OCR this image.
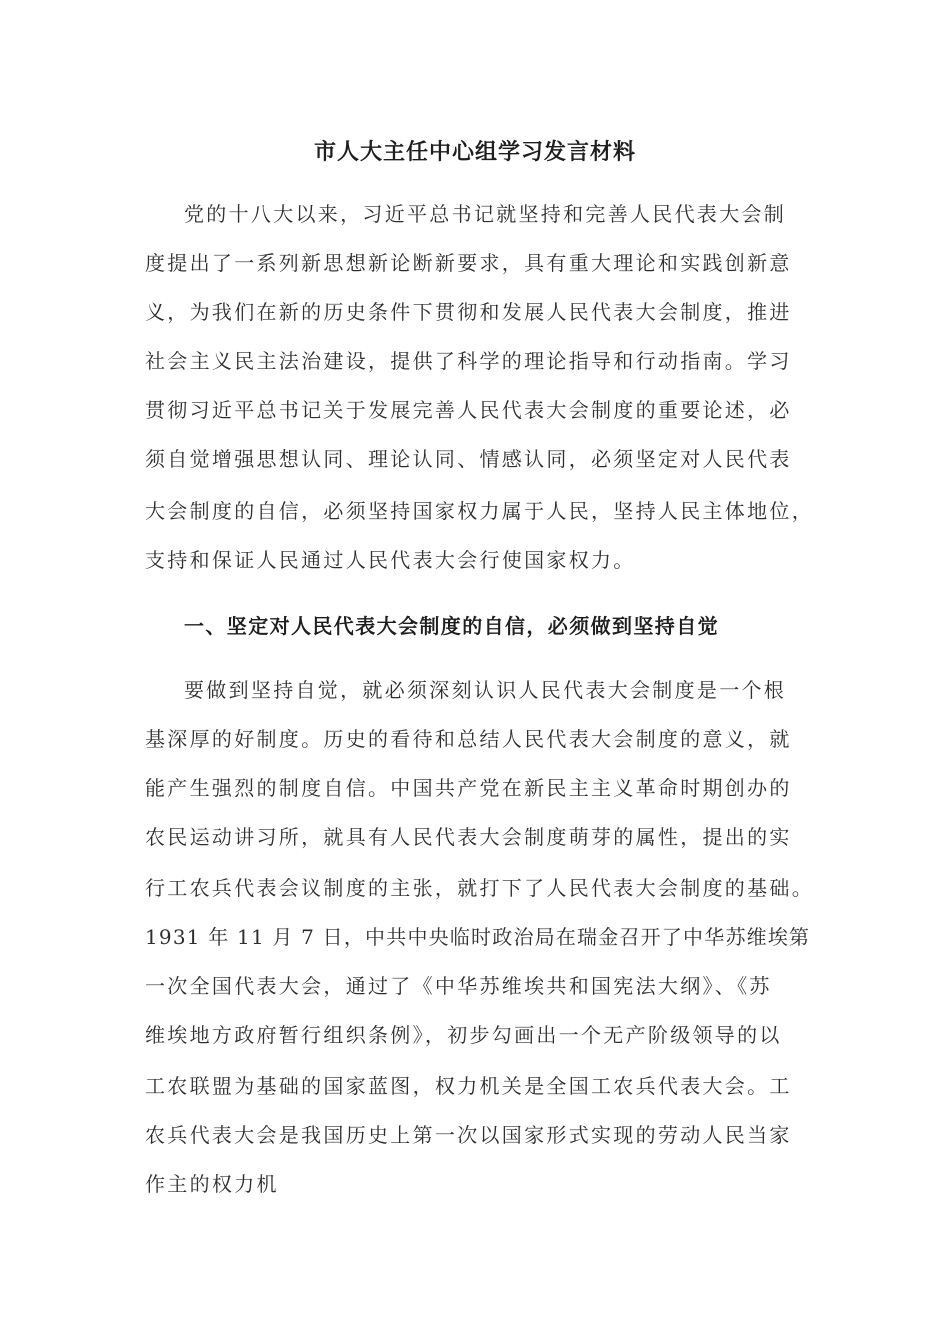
市人大主任中心组学习发言材料
党的十八大以来，习近平总书记就坚持和完善人民代表大会制
度提出了一系列新思想新论断新要求，具有重大理论和实践创新意
义，为我们在新的历史条件下贯彻和发展人民代表大会制度，推进
社会主义民主法治建设，提供了科学的理论指导和行动指南。学习
贯彻习近平总书记关于发展完善人民代表大会制度的重要论述，必
须自觉增强思想认同、理论认同、情感认同，必须坚定对人民代表
大会制度的自信，必须坚持国家权力属于人民，坚持人民主体地位，
支持和保证人民通过人民代表大会行使国家权力。
一、坚定对人民代表大会制度的自信，必须做到坚持自觉
要做到坚持自觉，就必须深刻认识人民代表大会制度是一个根
基深厚的好制度。历史的看待和总结人民代表大会制度的意义，就
能产生强烈的制度自信。中国共产党在新民主主义革命时期创办的
农民运动讲习所，就具有人民代表大会制度萌芽的属性，提出的实
行工农兵代表会议制度的主张，就打下了人民代表大会制度的基础。
1931 年 11 月 7 日，中共中央临时政治局在瑞金召开了中华苏维埃第
一次全国代表大会，通过了《中华苏维埃共和国宪法大纲》、《苏
维埃地方政府暂行组织条例》，初步勾画出一个无产阶级领导的以
工农联盟为基础的国家蓝图，权力机关是全国工农兵代表大会。工
农兵代表大会是我国历史上第一次以国家形式实现的劳动人民当家
作主的权力机
